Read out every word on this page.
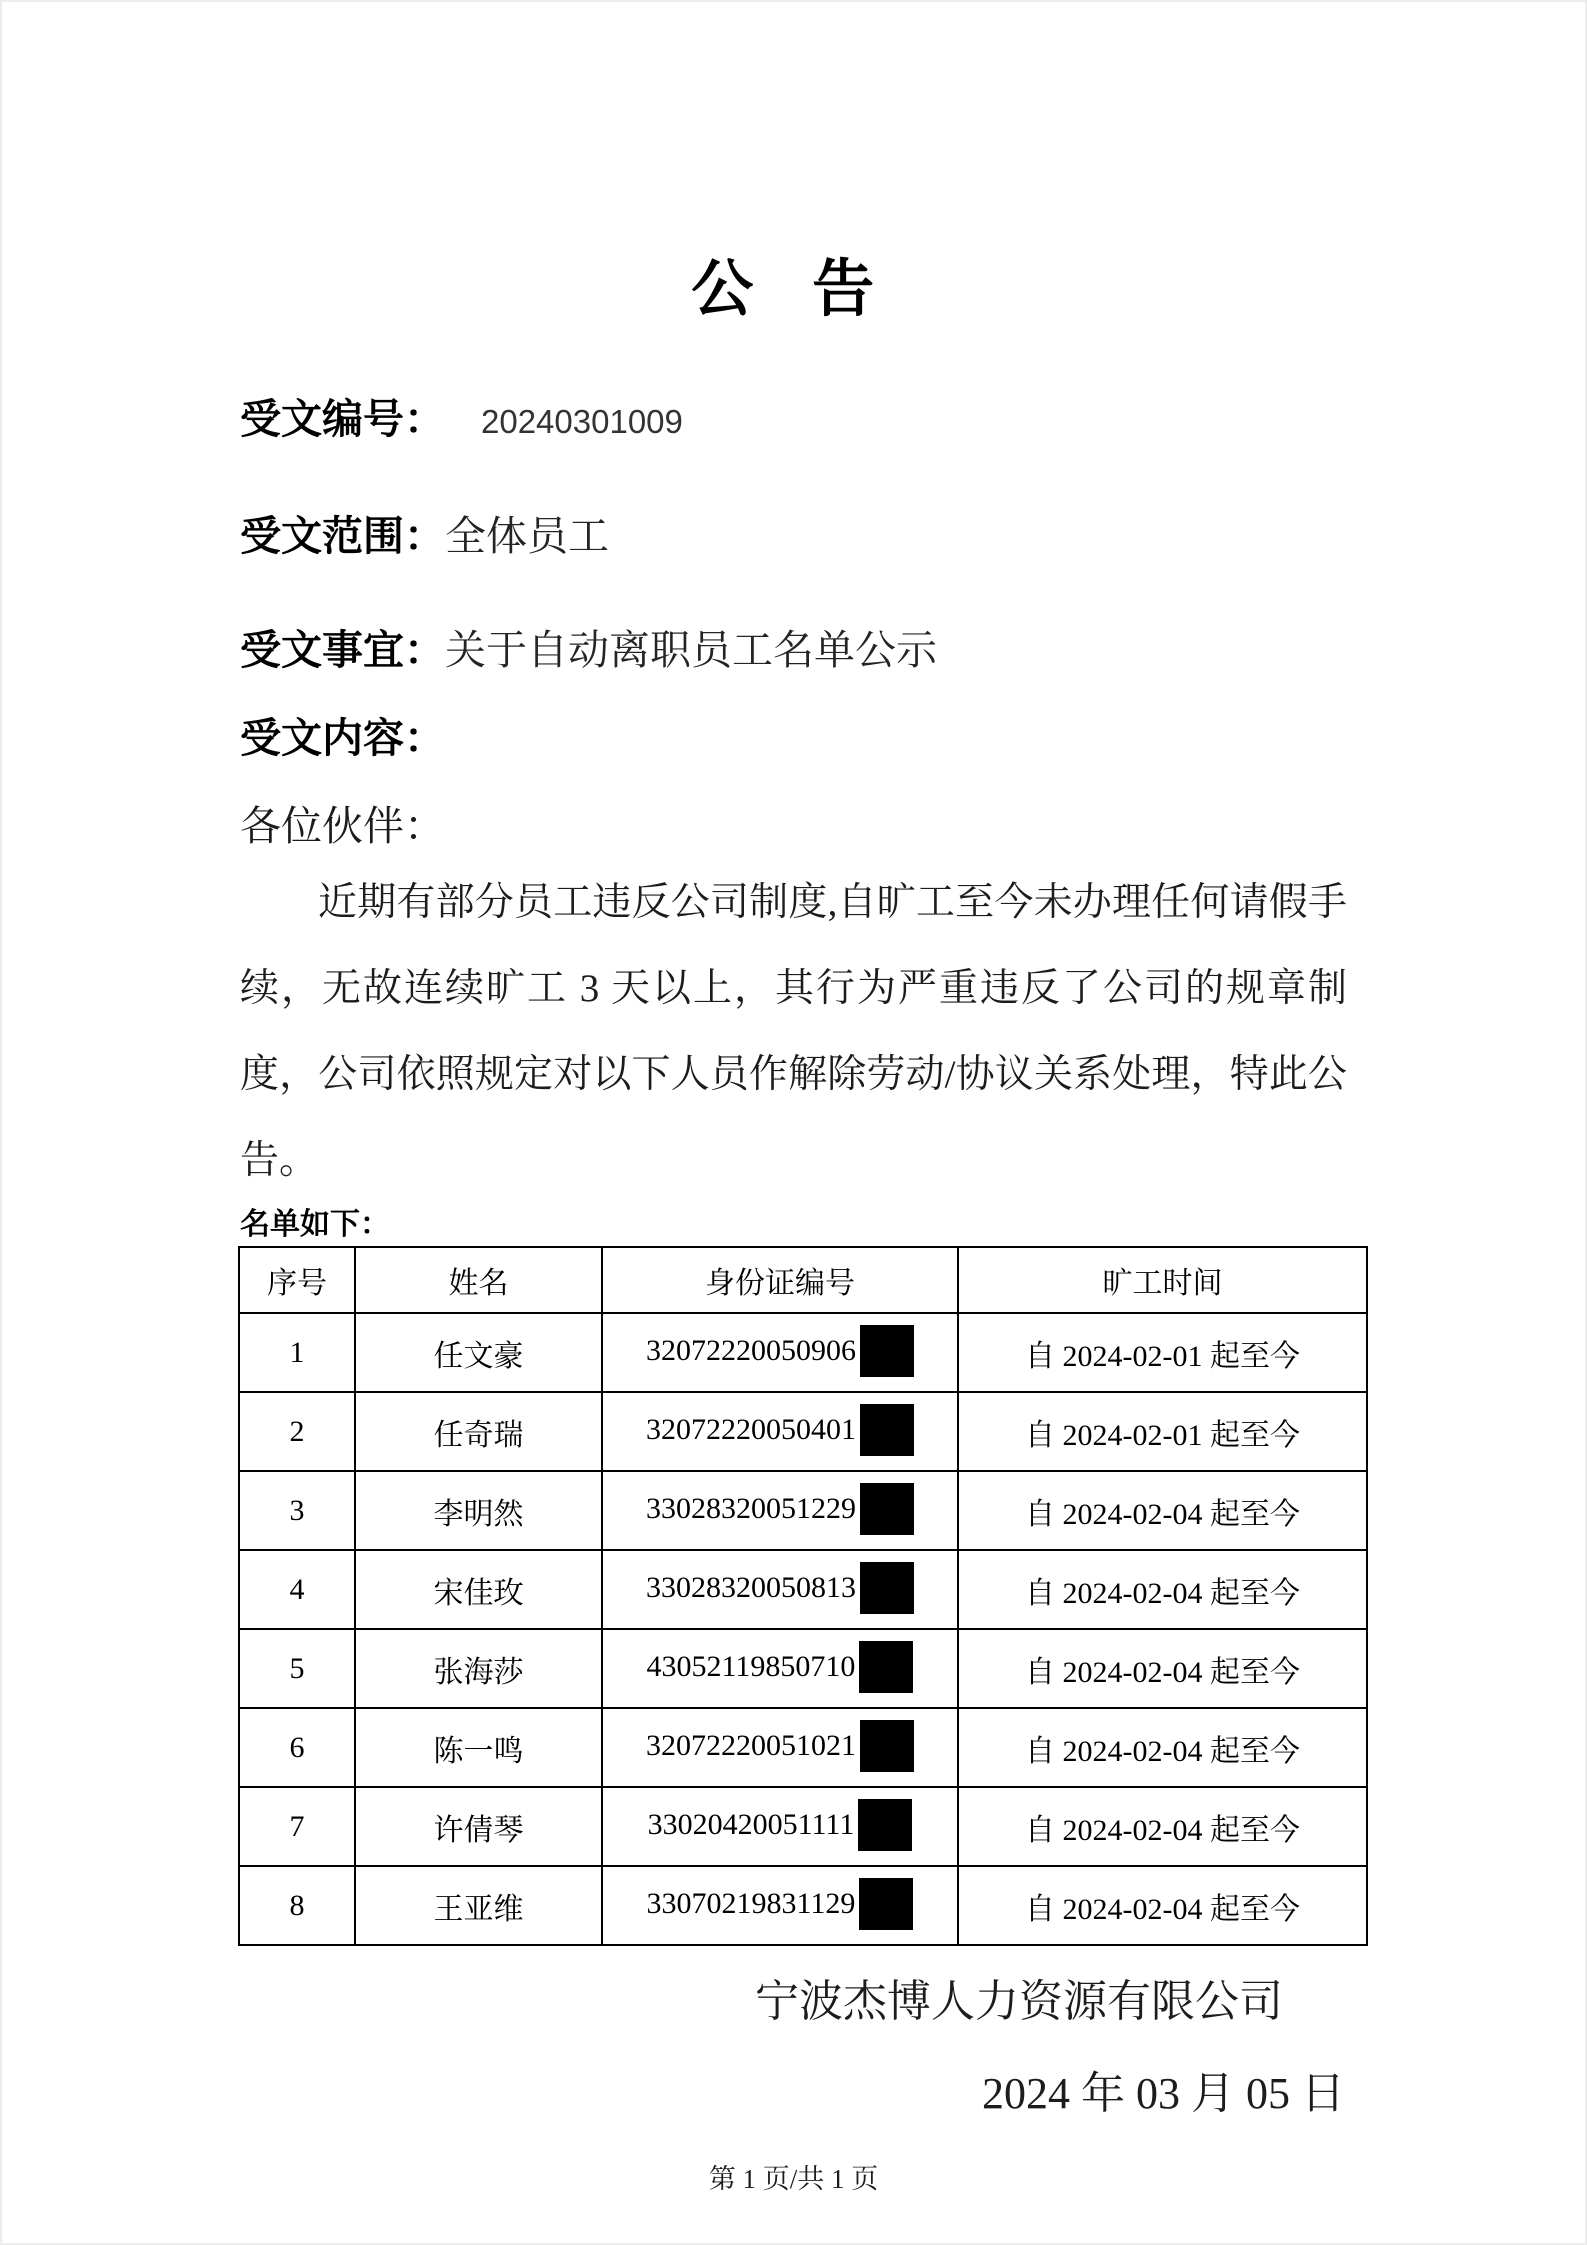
公 告
受文编号： 20240301009
受文范围：全体员工
受文事宜：关于自动离职员工名单公示
受文内容：
各位伙伴：

近期有部分员工违反公司制度,自旷工至今未办理任何请假手续，无故连续旷工 3 天以上，其行为严重违反了公司的规章制度，公司依照规定对以下人员作解除劳动/协议关系处理，特此公告。

名单如下：
序号	姓名	身份证编号	旷工时间
1	任文豪	32072220050906	自 2024-02-01 起至今
2	任奇瑞	32072220050401	自 2024-02-01 起至今
3	李明然	33028320051229	自 2024-02-04 起至今
4	宋佳玫	33028320050813	自 2024-02-04 起至今
5	张海莎	43052119850710	自 2024-02-04 起至今
6	陈一鸣	32072220051021	自 2024-02-04 起至今
7	许倩琴	33020420051111	自 2024-02-04 起至今
8	王亚维	33070219831129	自 2024-02-04 起至今
宁波杰博人力资源有限公司
2024 年 03 月 05 日
第 1 页/共 1 页
